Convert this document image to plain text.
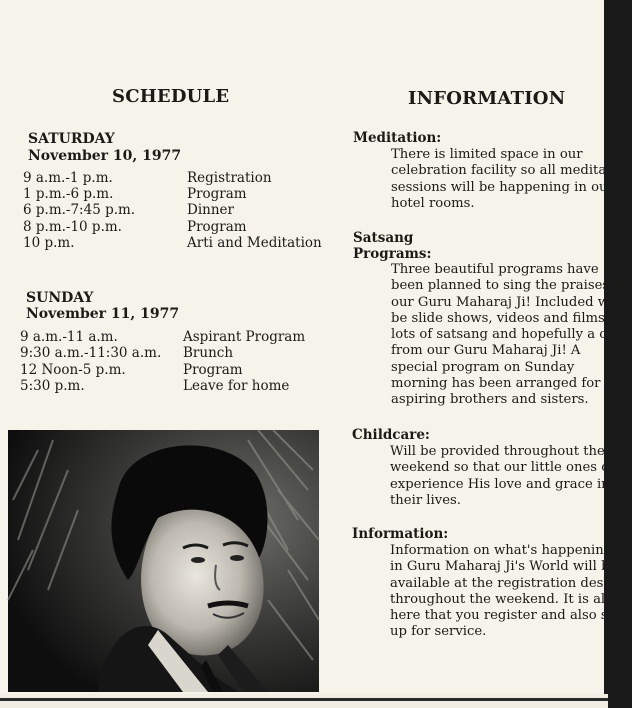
SCHEDULE
SATURDAY
November 10, 1977
9 a.m.-1 p.m.	Registration
1 p.m.-6 p.m.	Program
6 p.m.-7:45 p.m.	Dinner
8 p.m.-10 p.m.	Program
10 p.m.	Arti and Meditation
SUNDAY
November 11, 1977
9 a.m.-11 a.m.	Aspirant Program
9:30 a.m.-11:30 a.m. Brunch
12 Noon-5 p.m.	Program
5:30 p.m.	Leave for home
INFORMATION
Meditation:
There is limited space in our
celebration facility so all meditation
sessions will be happening in our
hotel rooms.
Satsang
Programs:
Three beautiful programs have
been planned to sing the praises of
our Guru Maharaj Ji! Included will
be slide shows, videos and films,
lots of satsang and hopefully a call
from our Guru Maharaj Ji! A
special program on Sunday
morning has been arranged for our
aspiring brothers and sisters.
Childcare:
Will be provided throughout the
weekend so that our little ones can
experience His love and grace in
their lives.
Information:
Information on what's happening
in Guru Maharaj Ji's World will be
available at the registration desk
throughout the weekend. It is also
here that you register and also sign
up for service.
